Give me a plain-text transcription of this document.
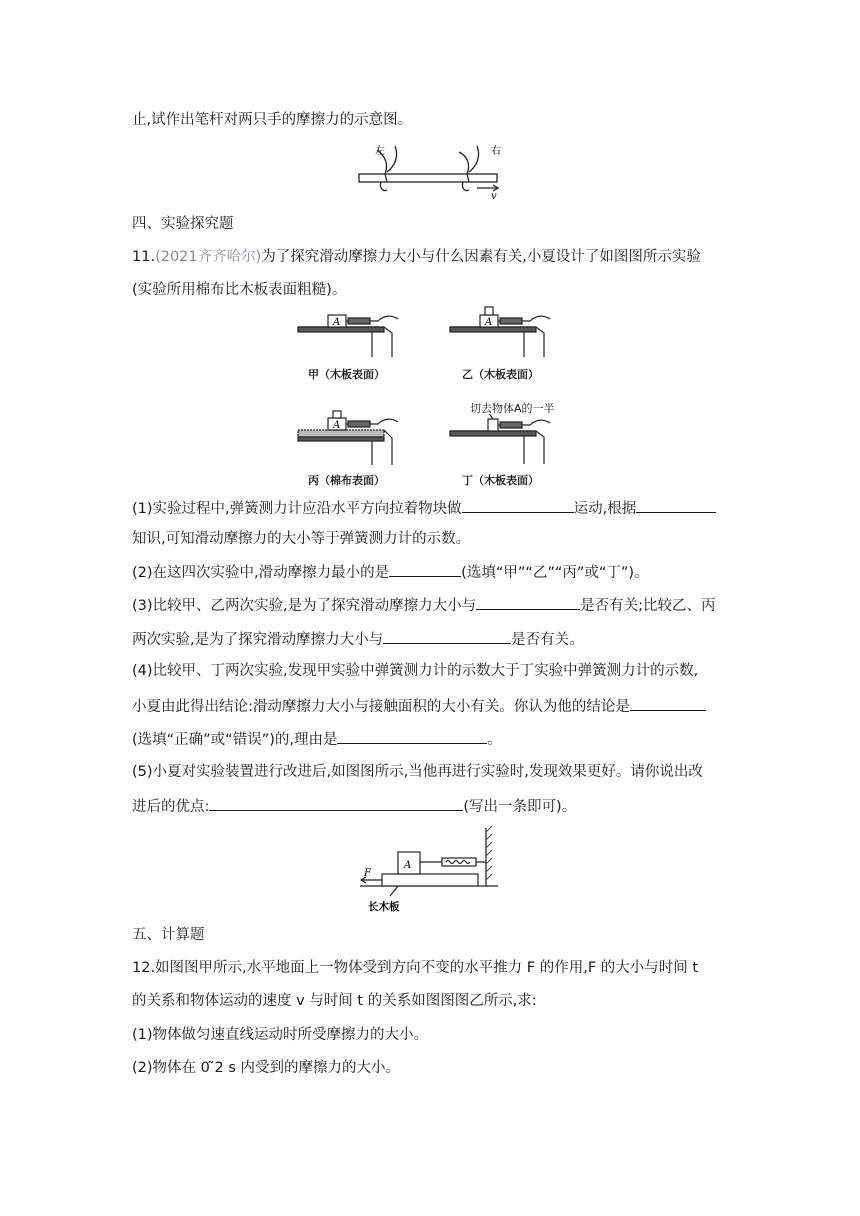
止,试作出笔杆对两只手的摩擦力的示意图。
左	右
v
四、实验探究题
11.(2021齐齐哈尔)为了探究滑动摩擦力大小与什么因素有关,小夏设计了如图图所示实验
(实验所用棉布比木板表面粗糙)。
A
甲（木板表面）
A
乙（木板表面）
A
丙（棉布表面）
切去物体A的一半
丁（木板表面）
(1)实验过程中,弹簧测力计应沿水平方向拉着物块做	运动,根据
知识,可知滑动摩擦力的大小等于弹簧测力计的示数。
(2)在这四次实验中,滑动摩擦力最小的是	(选填“甲”“乙”“丙”或“丁”)。
(3)比较甲、乙两次实验,是为了探究滑动摩擦力大小与	是否有关;比较乙、丙
两次实验,是为了探究滑动摩擦力大小与	是否有关。
(4)比较甲、丁两次实验,发现甲实验中弹簧测力计的示数大于丁实验中弹簧测力计的示数,
小夏由此得出结论:滑动摩擦力大小与接触面积的大小有关。你认为他的结论是
(选填“正确”或“错误”)的,理由是	。
(5)小夏对实验装置进行改进后,如图图所示,当他再进行实验时,发现效果更好。请你说出改
进后的优点:	(写出一条即可)。
A
F
长木板
五、计算题
12.如图图甲所示,水平地面上一物体受到方向不变的水平推力 F 的作用,F 的大小与时间 t
的关系和物体运动的速度 v 与时间 t 的关系如图图图乙所示,求:
(1)物体做匀速直线运动时所受摩擦力的大小。
(2)物体在 0 ̃2 s 内受到的摩擦力的大小。
